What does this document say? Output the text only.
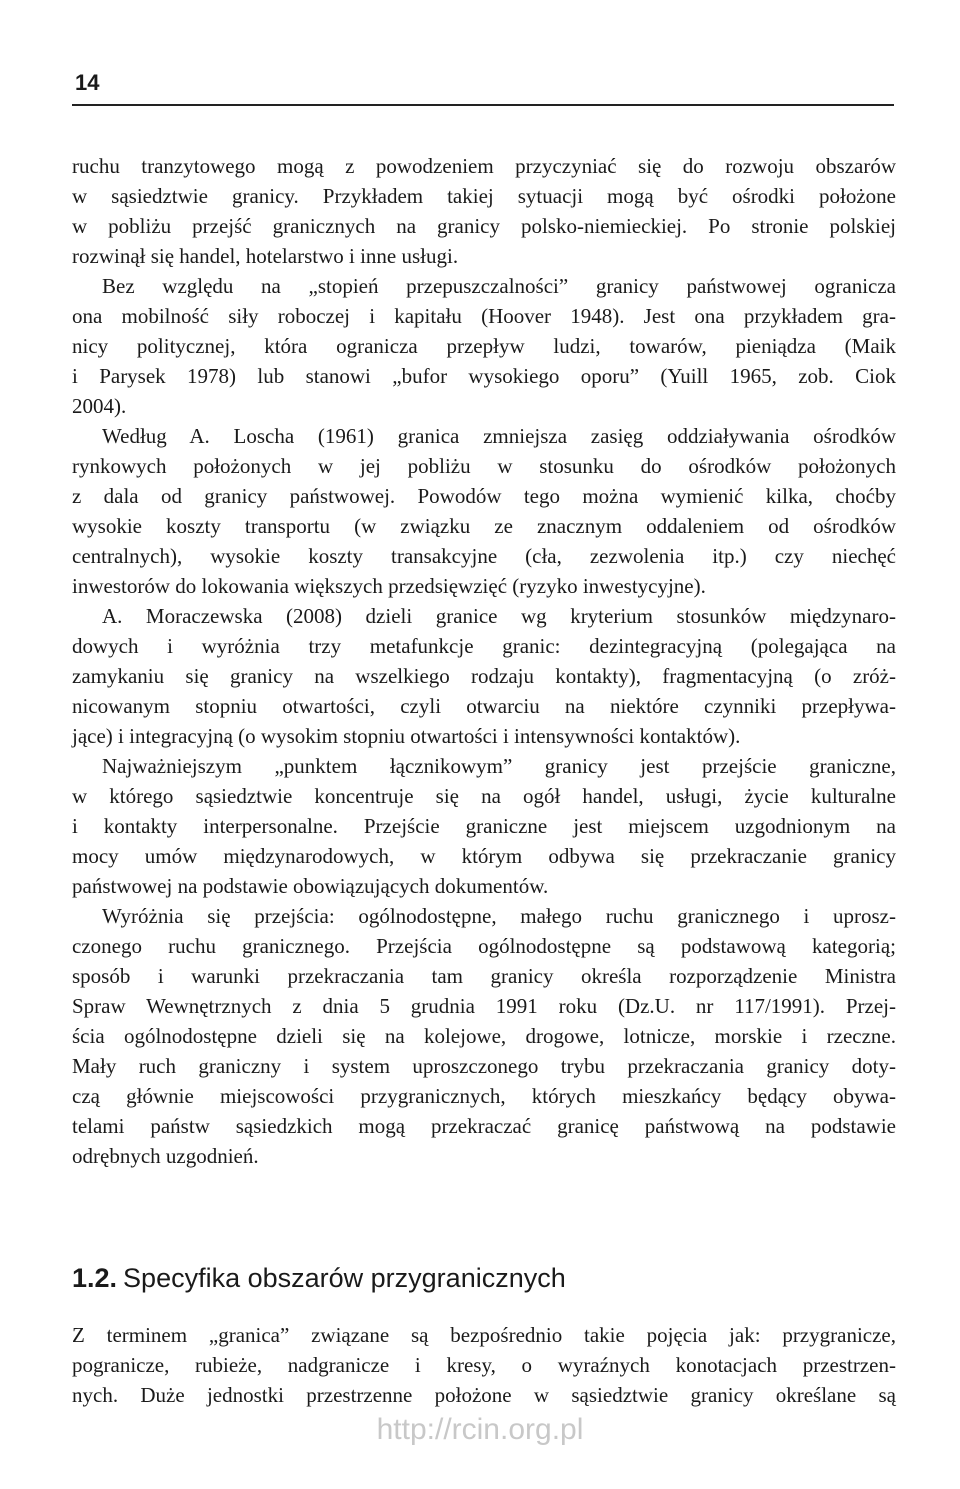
14
ruchu tranzytowego mogą z powodzeniem przyczyniać się do rozwoju obszarów
w sąsiedztwie granicy. Przykładem takiej sytuacji mogą być ośrodki położone
w pobliżu przejść granicznych na granicy polsko-niemieckiej. Po stronie polskiej
rozwinął się handel, hotelarstwo i inne usługi.
Bez względu na „stopień przepuszczalności” granicy państwowej ogranicza
ona mobilność siły roboczej i kapitału (Hoover 1948). Jest ona przykładem gra-
nicy politycznej, która ogranicza przepływ ludzi, towarów, pieniądza (Maik
i Parysek 1978) lub stanowi „bufor wysokiego oporu” (Yuill 1965, zob. Ciok
2004).
Według A. Loscha (1961) granica zmniejsza zasięg oddziaływania ośrodków
rynkowych położonych w jej pobliżu w stosunku do ośrodków położonych
z dala od granicy państwowej. Powodów tego można wymienić kilka, choćby
wysokie koszty transportu (w związku ze znacznym oddaleniem od ośrodków
centralnych), wysokie koszty transakcyjne (cła, zezwolenia itp.) czy niechęć
inwestorów do lokowania większych przedsięwzięć (ryzyko inwestycyjne).
A. Moraczewska (2008) dzieli granice wg kryterium stosunków międzynaro-
dowych i wyróżnia trzy metafunkcje granic: dezintegracyjną (polegająca na
zamykaniu się granicy na wszelkiego rodzaju kontakty), fragmentacyjną (o zróż-
nicowanym stopniu otwartości, czyli otwarciu na niektóre czynniki przepływa-
jące) i integracyjną (o wysokim stopniu otwartości i intensywności kontaktów).
Najważniejszym „punktem łącznikowym” granicy jest przejście graniczne,
w którego sąsiedztwie koncentruje się na ogół handel, usługi, życie kulturalne
i kontakty interpersonalne. Przejście graniczne jest miejscem uzgodnionym na
mocy umów międzynarodowych, w którym odbywa się przekraczanie granicy
państwowej na podstawie obowiązujących dokumentów.
Wyróżnia się przejścia: ogólnodostępne, małego ruchu granicznego i uprosz-
czonego ruchu granicznego. Przejścia ogólnodostępne są podstawową kategorią;
sposób i warunki przekraczania tam granicy określa rozporządzenie Ministra
Spraw Wewnętrznych z dnia 5 grudnia 1991 roku (Dz.U. nr 117/1991). Przej-
ścia ogólnodostępne dzieli się na kolejowe, drogowe, lotnicze, morskie i rzeczne.
Mały ruch graniczny i system uproszczonego trybu przekraczania granicy doty-
czą głównie miejscowości przygranicznych, których mieszkańcy będący obywa-
telami państw sąsiedzkich mogą przekraczać granicę państwową na podstawie
odrębnych uzgodnień.
1.2. Specyfika obszarów przygranicznych
Z terminem „granica” związane są bezpośrednio takie pojęcia jak: przygranicze,
pogranicze, rubieże, nadgranicze i kresy, o wyraźnych konotacjach przestrzen-
nych. Duże jednostki przestrzenne położone w sąsiedztwie granicy określane są
http://rcin.org.pl
